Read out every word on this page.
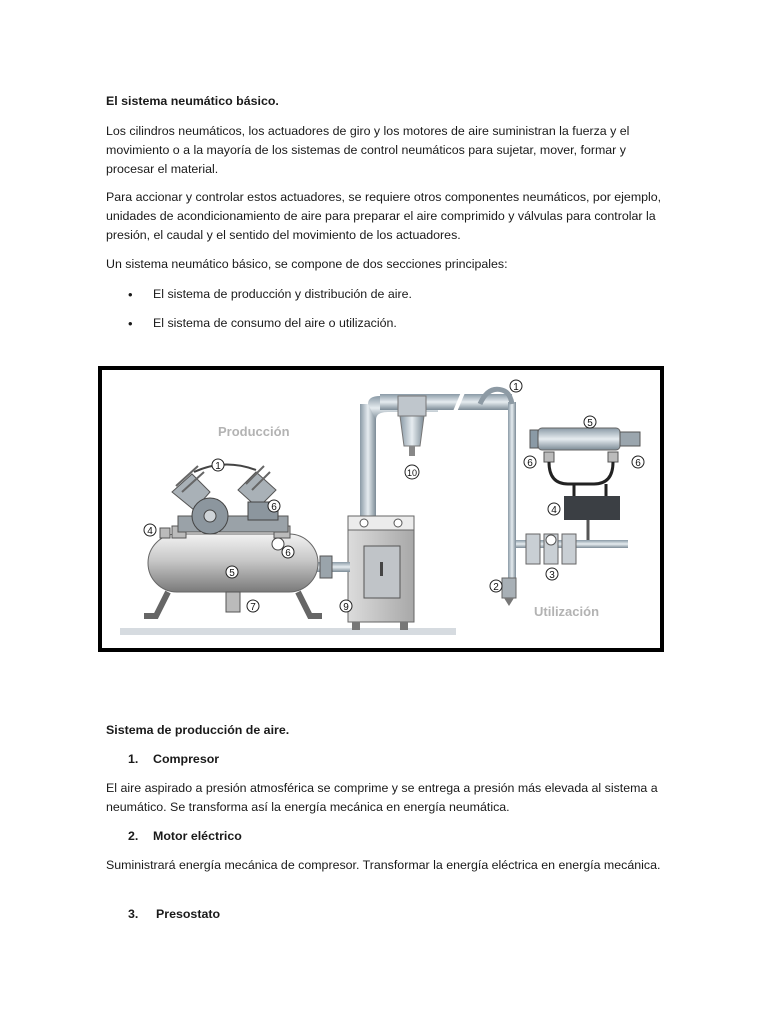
El sistema neumático básico.

Los cilindros neumáticos, los actuadores de giro y los motores de aire suministran la fuerza y el movimiento o a la mayoría de los sistemas de control neumáticos para sujetar, mover, formar y procesar el material.

Para accionar y controlar estos actuadores, se requiere otros componentes neumáticos, por ejemplo, unidades de acondicionamiento de aire para preparar el aire comprimido y válvulas para controlar la presión, el caudal y el sentido del movimiento de los actuadores.

Un sistema neumático básico, se compone de dos secciones principales:

• El sistema de producción y distribución de aire.
• El sistema de consumo del aire o utilización.
Producción
Utilización
1
1
2
3
4
4
5
5
6
6
6	6
7	9
10

Sistema de producción de aire.

1. Compresor

El aire aspirado a presión atmosférica se comprime y se entrega a presión más elevada al sistema a neumático. Se transforma así la energía mecánica en energía neumática.

2. Motor eléctrico

Suministrará energía mecánica de compresor. Transformar la energía eléctrica en energía mecánica.

3. Presostato
